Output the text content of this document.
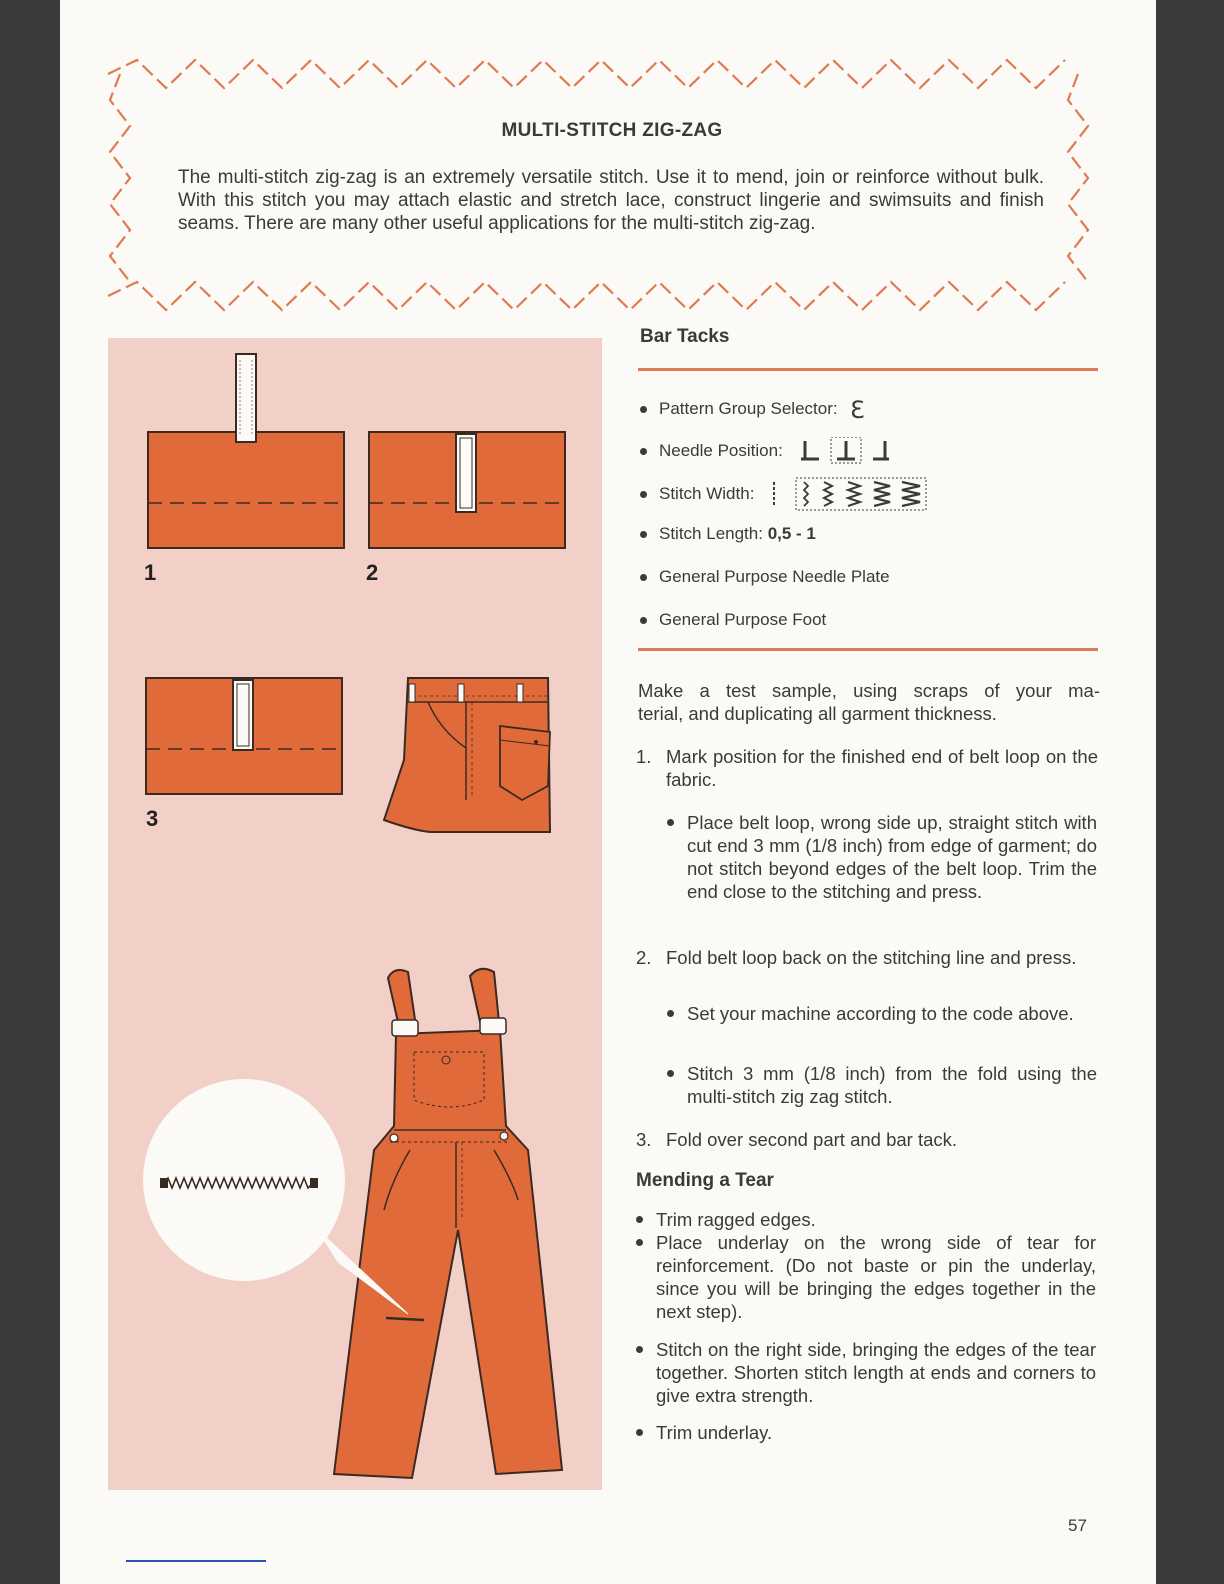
MULTI-STITCH ZIG-ZAG
The multi-stitch zig-zag is an extremely versatile stitch. Use it to mend, join or reinforce without bulk. With this stitch you may attach elastic and stretch lace, construct lingerie and swimsuits and finish seams. There are many other useful applications for the multi-stitch zig-zag.
1	2
3
Bar Tacks
Pattern Group Selector: 3
Needle Position:
Stitch Width:
Stitch Length: 0,5 - 1
General Purpose Needle Plate
General Purpose Foot
Make a test sample, using scraps of your ma-
terial, and duplicating all garment thickness.
1. Mark position for the finished end of belt loop on the fabric.
Place belt loop, wrong side up, straight stitch with cut end 3 mm (1/8 inch) from edge of garment; do not stitch beyond edges of the belt loop. Trim the end close to the stitching and press.
2. Fold belt loop back on the stitching line and press.
Set your machine according to the code above.
Stitch 3 mm (1/8 inch) from the fold using the multi-stitch zig zag stitch.
3. Fold over second part and bar tack.
Mending a Tear
Trim ragged edges.
Place underlay on the wrong side of tear for reinforcement. (Do not baste or pin the underlay, since you will be bringing the edges together in the next step).
Stitch on the right side, bringing the edges of the tear together. Shorten stitch length at ends and corners to give extra strength.
Trim underlay.
57
